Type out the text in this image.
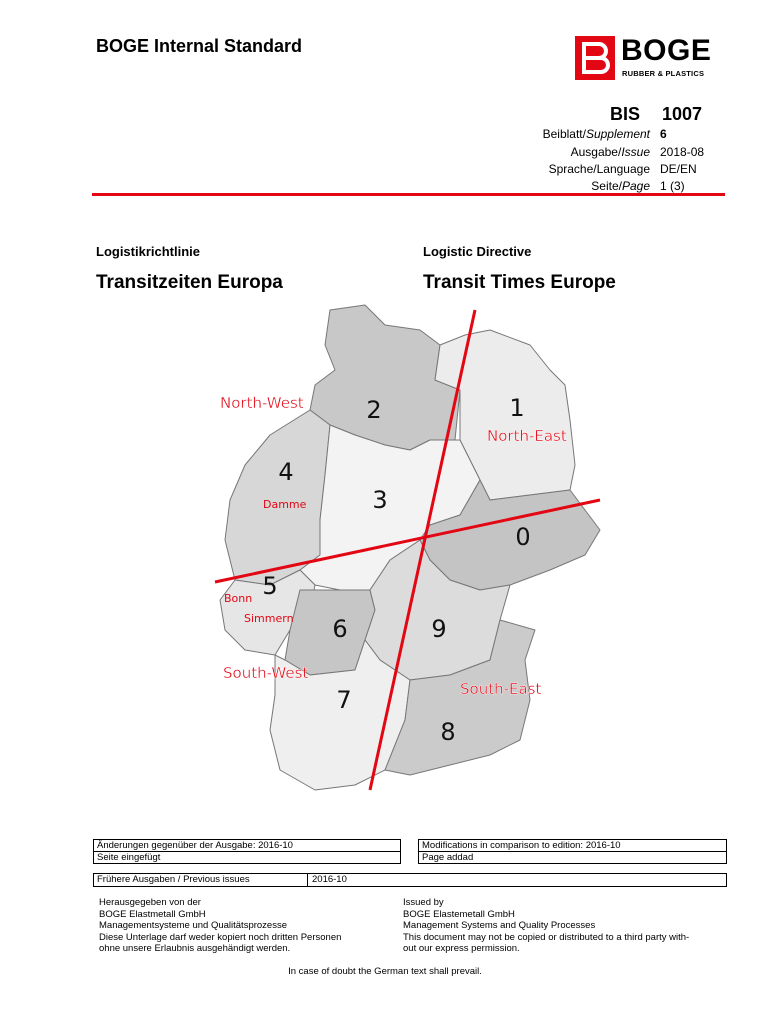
BOGE Internal Standard	BOGE
RUBBER & PLASTICS
BIS 1007
Beiblatt/Supplement 6
Ausgabe/Issue 2018-08
Sprache/Language DE/EN
Seite/Page 1 (3)
Logistikrichtlinie
Transitzeiten Europa
Logistic Directive
Transit Times Europe
1
2
4
3
0
5
6	9
7
8
North-West
North-East
South-West
South-East
Damme
Bonn
Simmern
Änderungen gegenüber der Ausgabe: 2016-10
Seite eingefügt
Modifications in comparison to edition: 2016-10
Page addad
Frühere Ausgaben / Previous issues	2016-10
Herausgegeben von der
BOGE Elastmetall GmbH
Managementsysteme und Qualitätsprozesse
Diese Unterlage darf weder kopiert noch dritten Personen
ohne unsere Erlaubnis ausgehändigt werden.
Issued by
BOGE Elastemetall GmbH
Management Systems and Quality Processes
This document may not be copied or distributed to a third party with-
out our express permission.
In case of doubt the German text shall prevail.
